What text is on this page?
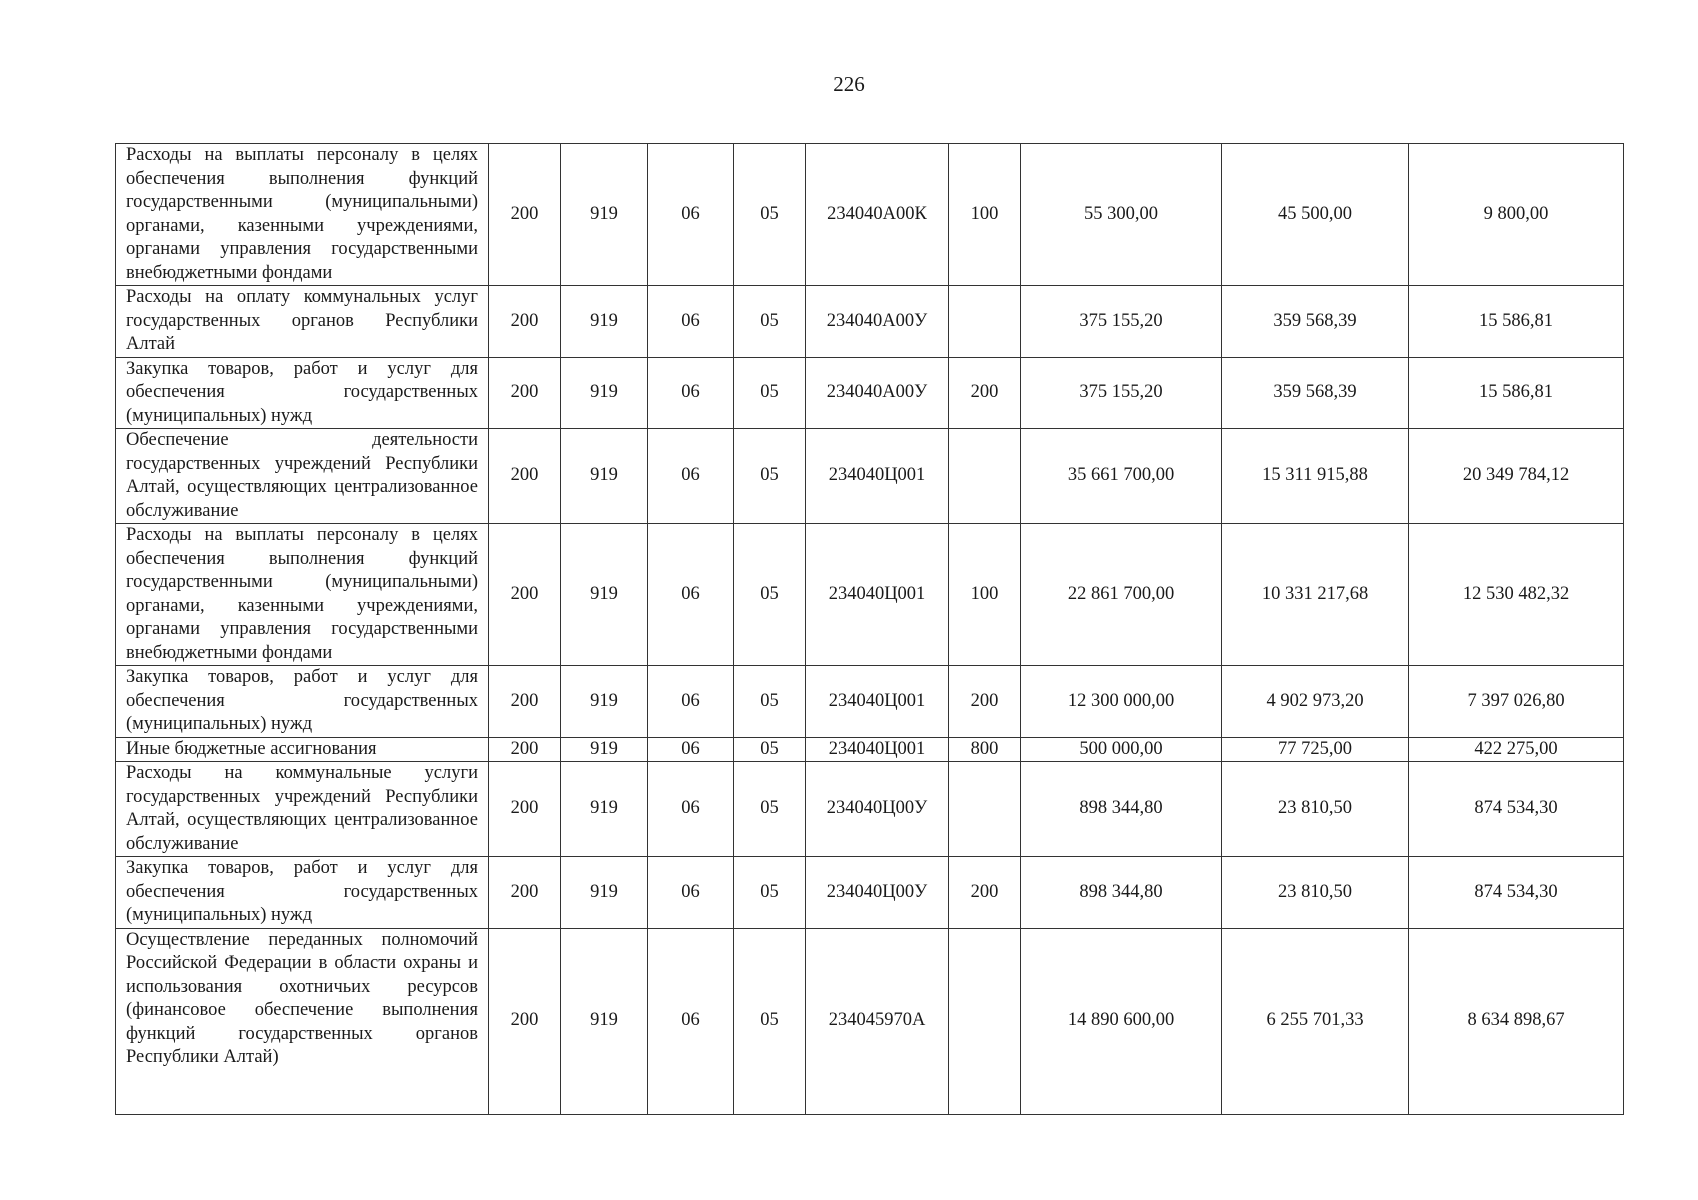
226
Расходы на выплаты персоналу в целях обеспечения выполнения функций государственными (муниципальными) органами, казенными учреждениями, органами управления государственными внебюджетными фондами	200	919	06	05	234040А00К	100	55 300,00	45 500,00	9 800,00
Расходы на оплату коммунальных услуг государственных органов Республики Алтай	200	919	06	05	234040А00У		375 155,20	359 568,39	15 586,81
Закупка товаров, работ и услуг для обеспечения государственных (муниципальных) нужд	200	919	06	05	234040А00У	200	375 155,20	359 568,39	15 586,81
Обеспечение деятельности государственных учреждений Республики Алтай, осуществляющих централизованное обслуживание	200	919	06	05	234040Ц001		35 661 700,00	15 311 915,88	20 349 784,12
Расходы на выплаты персоналу в целях обеспечения выполнения функций государственными (муниципальными) органами, казенными учреждениями, органами управления государственными внебюджетными фондами	200	919	06	05	234040Ц001	100	22 861 700,00	10 331 217,68	12 530 482,32
Закупка товаров, работ и услуг для обеспечения государственных (муниципальных) нужд	200	919	06	05	234040Ц001	200	12 300 000,00	4 902 973,20	7 397 026,80
Иные бюджетные ассигнования	200	919	06	05	234040Ц001	800	500 000,00	77 725,00	422 275,00
Расходы на коммунальные услуги государственных учреждений Республики Алтай, осуществляющих централизованное обслуживание	200	919	06	05	234040Ц00У		898 344,80	23 810,50	874 534,30
Закупка товаров, работ и услуг для обеспечения государственных (муниципальных) нужд	200	919	06	05	234040Ц00У	200	898 344,80	23 810,50	874 534,30
Осуществление переданных полномочий Российской Федерации в области охраны и использования охотничьих ресурсов (финансовое обеспечение выполнения функций государственных органов Республики Алтай)	200	919	06	05	234045970А		14 890 600,00	6 255 701,33	8 634 898,67
